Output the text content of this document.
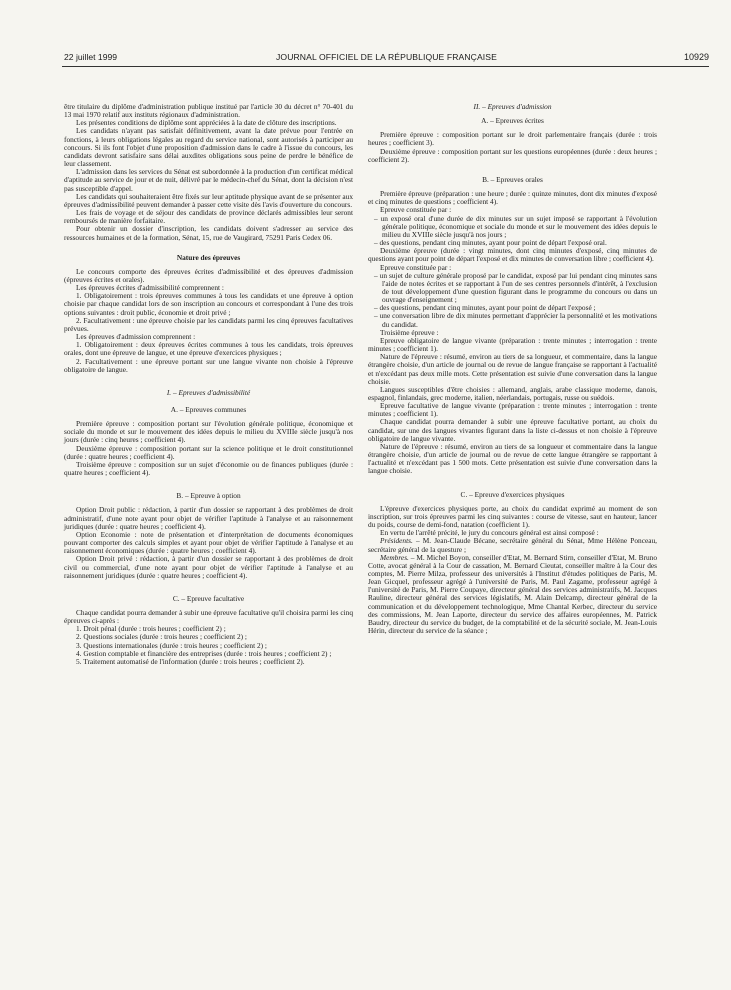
22 juillet 1999	JOURNAL OFFICIEL DE LA RÉPUBLIQUE FRANÇAISE	10929

être titulaire du diplôme d'administration publique institué par l'article 30 du décret n° 70-401 du 13 mai 1970 relatif aux instituts régionaux d'administration.

Les présentes conditions de diplôme sont appréciées à la date de clôture des inscriptions.

Les candidats n'ayant pas satisfait définitivement, avant la date prévue pour l'entrée en fonctions, à leurs obligations légales au regard du service national, sont autorisés à participer au concours. Si ils font l'objet d'une proposition d'admission dans le cadre à l'issue du concours, les candidats devront satisfaire sans délai auxdites obligations sous peine de perdre le bénéfice de leur classement.

L'admission dans les services du Sénat est subordonnée à la production d'un certificat médical d'aptitude au service de jour et de nuit, délivré par le médecin-chef du Sénat, dont la décision n'est pas susceptible d'appel.

Les candidats qui souhaiteraient être fixés sur leur aptitude physique avant de se présenter aux épreuves d'admissibilité peuvent demander à passer cette visite dès l'avis d'ouverture du concours.

Les frais de voyage et de séjour des candidats de province déclarés admissibles leur seront remboursés de manière forfaitaire.

Pour obtenir un dossier d'inscription, les candidats doivent s'adresser au service des ressources humaines et de la formation, Sénat, 15, rue de Vaugirard, 75291 Paris Cedex 06.

Nature des épreuves

Le concours comporte des épreuves écrites d'admissibilité et des épreuves d'admission (épreuves écrites et orales).

Les épreuves écrites d'admissibilité comprennent :

1. Obligatoirement : trois épreuves communes à tous les candidats et une épreuve à option choisie par chaque candidat lors de son inscription au concours et correspondant à l'une des trois options suivantes : droit public, économie et droit privé ;

2. Facultativement : une épreuve choisie par les candidats parmi les cinq épreuves facultatives prévues.

Les épreuves d'admission comprennent :

1. Obligatoirement : deux épreuves écrites communes à tous les candidats, trois épreuves orales, dont une épreuve de langue, et une épreuve d'exercices physiques ;

2. Facultativement : une épreuve portant sur une langue vivante non choisie à l'épreuve obligatoire de langue.

I. – Epreuves d'admissibilité

A. – Epreuves communes

Première épreuve : composition portant sur l'évolution générale politique, économique et sociale du monde et sur le mouvement des idées depuis le milieu du XVIIIe siècle jusqu'à nos jours (durée : cinq heures ; coefficient 4).

Deuxième épreuve : composition portant sur la science politique et le droit constitutionnel (durée : quatre heures ; coefficient 4).

Troisième épreuve : composition sur un sujet d'économie ou de finances publiques (durée : quatre heures ; coefficient 4).

B. – Epreuve à option

Option Droit public : rédaction, à partir d'un dossier se rapportant à des problèmes de droit administratif, d'une note ayant pour objet de vérifier l'aptitude à l'analyse et au raisonnement juridiques (durée : quatre heures ; coefficient 4).

Option Economie : note de présentation et d'interprétation de documents économiques pouvant comporter des calculs simples et ayant pour objet de vérifier l'aptitude à l'analyse et au raisonnement économiques (durée : quatre heures ; coefficient 4).

Option Droit privé : rédaction, à partir d'un dossier se rapportant à des problèmes de droit civil ou commercial, d'une note ayant pour objet de vérifier l'aptitude à l'analyse et au raisonnement juridiques (durée : quatre heures ; coefficient 4).

C. – Epreuve facultative

Chaque candidat pourra demander à subir une épreuve facultative qu'il choisira parmi les cinq épreuves ci-après :

1. Droit pénal (durée : trois heures ; coefficient 2) ;

2. Questions sociales (durée : trois heures ; coefficient 2) ;

3. Questions internationales (durée : trois heures ; coefficient 2) ;

4. Gestion comptable et financière des entreprises (durée : trois heures ; coefficient 2) ;

5. Traitement automatisé de l'information (durée : trois heures ; coefficient 2).

II. – Epreuves d'admission

A. – Epreuves écrites

Première épreuve : composition portant sur le droit parlementaire français (durée : trois heures ; coefficient 3).

Deuxième épreuve : composition portant sur les questions européennes (durée : deux heures ; coefficient 2).

B. – Epreuves orales

Première épreuve (préparation : une heure ; durée : quinze minutes, dont dix minutes d'exposé et cinq minutes de questions ; coefficient 4).

Epreuve constituée par :

– un exposé oral d'une durée de dix minutes sur un sujet imposé se rapportant à l'évolution générale politique, économique et sociale du monde et sur le mouvement des idées depuis le milieu du XVIIIe siècle jusqu'à nos jours ;

– des questions, pendant cinq minutes, ayant pour point de départ l'exposé oral.

Deuxième épreuve (durée : vingt minutes, dont cinq minutes d'exposé, cinq minutes de questions ayant pour point de départ l'exposé et dix minutes de conversation libre ; coefficient 4).

Epreuve constituée par :

– un sujet de culture générale proposé par le candidat, exposé par lui pendant cinq minutes sans l'aide de notes écrites et se rapportant à l'un de ses centres personnels d'intérêt, à l'exclusion de tout développement d'une question figurant dans le programme du concours ou dans un ouvrage d'enseignement ;

– des questions, pendant cinq minutes, ayant pour point de départ l'exposé ;

– une conversation libre de dix minutes permettant d'apprécier la personnalité et les motivations du candidat.

Troisième épreuve :

Epreuve obligatoire de langue vivante (préparation : trente minutes ; interrogation : trente minutes ; coefficient 1).

Nature de l'épreuve : résumé, environ au tiers de sa longueur, et commentaire, dans la langue étrangère choisie, d'un article de journal ou de revue de langue française se rapportant à l'actualité et n'excédant pas deux mille mots. Cette présentation est suivie d'une conversation dans la langue choisie.

Langues susceptibles d'être choisies : allemand, anglais, arabe classique moderne, danois, espagnol, finlandais, grec moderne, italien, néerlandais, portugais, russe ou suédois.

Epreuve facultative de langue vivante (préparation : trente minutes ; interrogation : trente minutes ; coefficient 1).

Chaque candidat pourra demander à subir une épreuve facultative portant, au choix du candidat, sur une des langues vivantes figurant dans la liste ci-dessus et non choisie à l'épreuve obligatoire de langue vivante.

Nature de l'épreuve : résumé, environ au tiers de sa longueur et commentaire dans la langue étrangère choisie, d'un article de journal ou de revue de cette langue étrangère se rapportant à l'actualité et n'excédant pas 1 500 mots. Cette présentation est suivie d'une conversation dans la langue choisie.

C. – Epreuve d'exercices physiques

L'épreuve d'exercices physiques porte, au choix du candidat exprimé au moment de son inscription, sur trois épreuves parmi les cinq suivantes : course de vitesse, saut en hauteur, lancer du poids, course de demi-fond, natation (coefficient 1).

En vertu de l'arrêté précité, le jury du concours général est ainsi composé :

Présidents. – M. Jean-Claude Bécane, secrétaire général du Sénat, Mme Hélène Ponceau, secrétaire général de la questure ;

Membres. – M. Michel Boyon, conseiller d'Etat, M. Bernard Stirn, conseiller d'Etat, M. Bruno Cotte, avocat général à la Cour de cassation, M. Bernard Cieutat, conseiller maître à la Cour des comptes, M. Pierre Milza, professeur des universités à l'Institut d'études politiques de Paris, M. Jean Gicquel, professeur agrégé à l'université de Paris, M. Paul Zagame, professeur agrégé à l'université de Paris, M. Pierre Coupaye, directeur général des services administratifs, M. Jacques Rauline, directeur général des services législatifs, M. Alain Delcamp, directeur général de la communication et du développement technologique, Mme Chantal Kerbec, directeur du service des commissions, M. Jean Laporte, directeur du service des affaires européennes, M. Patrick Baudry, directeur du service du budget, de la comptabilité et de la sécurité sociale, M. Jean-Louis Hérin, directeur du service de la séance ;
